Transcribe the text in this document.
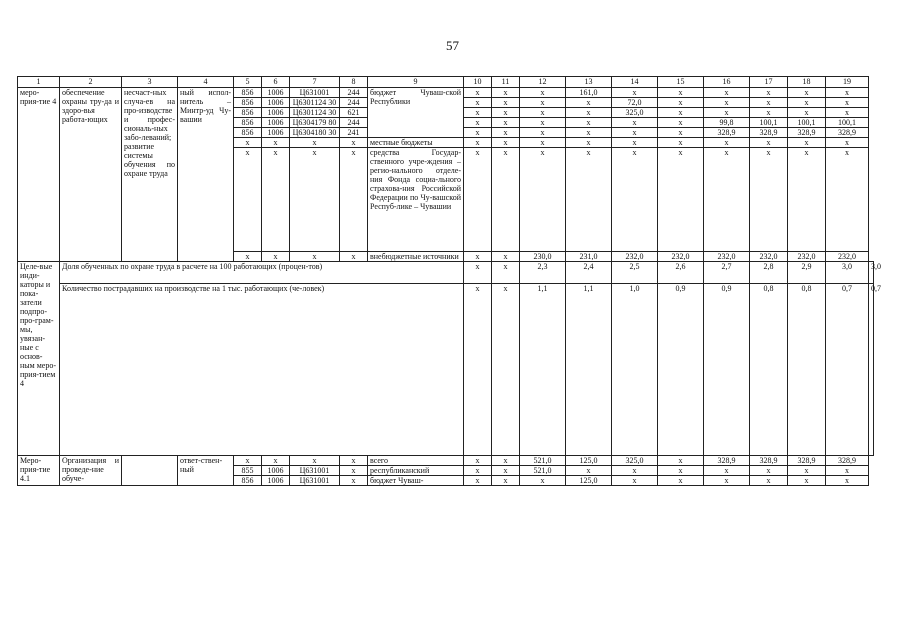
57
1	2	3	4	5	6	7	8	9	10	11	12	13	14	15	16	17	18	19	
меро-прия-тие 4	обеспечение охраны тру-да и здоро-вья работа-ющих	несчаст-ных случа-ев на про-изводстве и профес-сиональ-ных забо-леваний; развитие системы обучения по охране труда	ный испол-нитель – Минтр-уд Чу-вашии	856	1006	Ц631001	244	бюджет Чуваш-ской Республики	x	x	x	161,0	x	x	x	x	x	x	
				856	1006	Ц6301124 30	244		x	x	x	x	72,0	x	x	x	x	x	
				856	1006	Ц6301124 30	621		x	x	x	x	325,0	x	x	x	x	x	
				856	1006	Ц6304179 80	244		x	x	x	x	x	x	99,8	100,1	100,1	100,1	
				856	1006	Ц6304180 30	241		x	x	x	x	x	x	328,9	328,9	328,9	328,9	
				x	x	x	x	местные бюджеты	x	x	x	x	x	x	x	x	x	x	
				x	x	x	x	средства Государ-ственного учре-ждения – регио-нального отделе-ния Фонда социа-льного страхова-ния Российской Федерации по Чу-вашской Респуб-лике – Чувашии	x	x	x	x	x	x	x	x	x	x	
				x	x	x	x	внебюджетные источники	x	x	230,0	231,0	232,0	232,0	232,0	232,0	232,0	232,0	
Целе-вые инди-каторы и пока-затели подпро-про-грам-мы, увязан-ные с основ-ным меро-прия-тием 4	Доля обученных по охране труда в расчете на 100 работающих (процен-тов)								x	x	2,3	2,4	2,5	2,6	2,7	2,8	2,9	3,0	3,0
	Количество пострадавших на производстве на 1 тыс. работающих (че-ловек)								x	x	1,1	1,1	1,0	0,9	0,9	0,8	0,8	0,7	0,7
Меро-прия-тие 4.1	Организация и проведе-ние обуче-		ответ-ствен-ный	x	x	x	x	всего	x	x	521,0	125,0	325,0	x	328,9	328,9	328,9	328,9	
				855	1006	Ц631001	x	республиканский	x	x	521,0	x	x	x	x	x	x	x	
				856	1006	Ц631001	x	бюджет Чуваш-	x	x	x	125,0	x	x	x	x	x	x	
